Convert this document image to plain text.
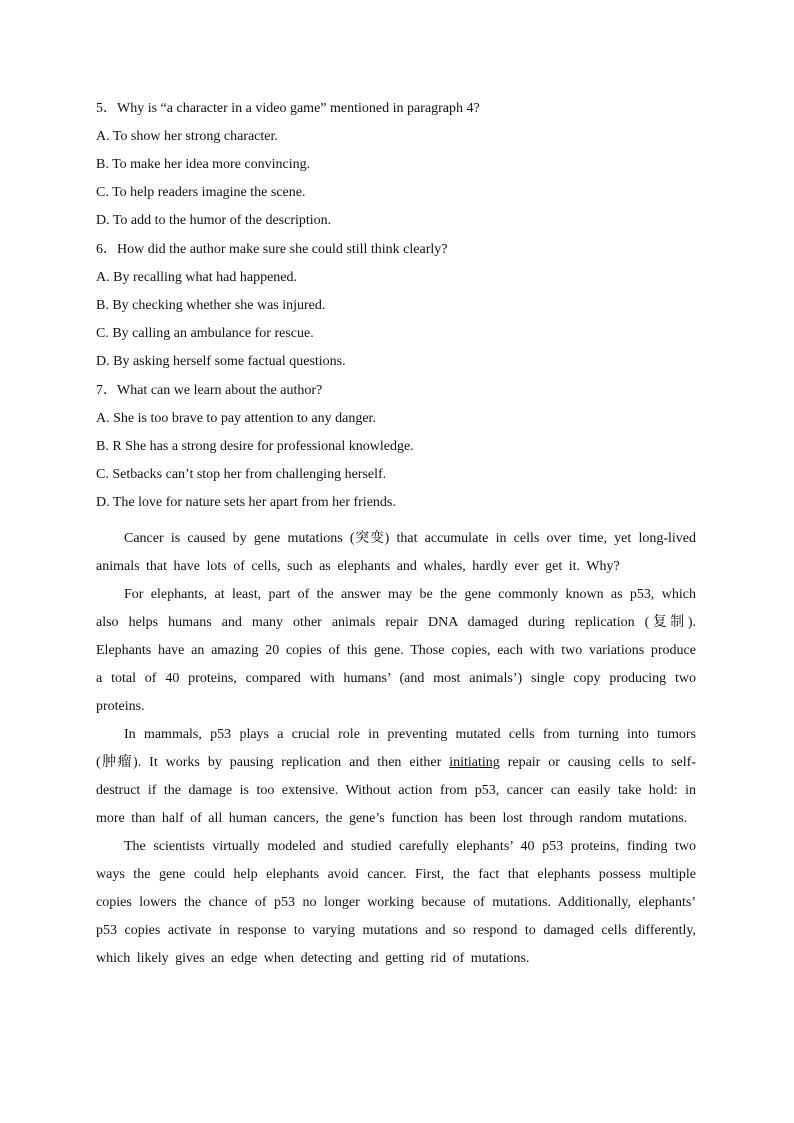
5．Why is “a character in a video game” mentioned in paragraph 4?

A. To show her strong character.

B. To make her idea more convincing.

C. To help readers imagine the scene.

D. To add to the humor of the description.

6．How did the author make sure she could still think clearly?

A. By recalling what had happened.

B. By checking whether she was injured.

C. By calling an ambulance for rescue.

D. By asking herself some factual questions.

7．What can we learn about the author?

A. She is too brave to pay attention to any danger.

B. R She has a strong desire for professional knowledge.

C. Setbacks can’t stop her from challenging herself.

D. The love for nature sets her apart from her friends.

Cancer is caused by gene mutations (突变) that accumulate in cells over time, yet long-lived animals that have lots of cells, such as elephants and whales, hardly ever get it. Why?

For elephants, at least, part of the answer may be the gene commonly known as p53, which also helps humans and many other animals repair DNA damaged during replication (复制). Elephants have an amazing 20 copies of this gene. Those copies, each with two variations produce a total of 40 proteins, compared with humans’ (and most animals’) single copy producing two proteins.

In mammals, p53 plays a crucial role in preventing mutated cells from turning into tumors (肿瘤). It works by pausing replication and then either initiating repair or causing cells to self-destruct if the damage is too extensive. Without action from p53, cancer can easily take hold: in more than half of all human cancers, the gene’s function has been lost through random mutations.

The scientists virtually modeled and studied carefully elephants’ 40 p53 proteins, finding two ways the gene could help elephants avoid cancer. First, the fact that elephants possess multiple copies lowers the chance of p53 no longer working because of mutations. Additionally, elephants’ p53 copies activate in response to varying mutations and so respond to damaged cells differently, which likely gives an edge when detecting and getting rid of mutations.
